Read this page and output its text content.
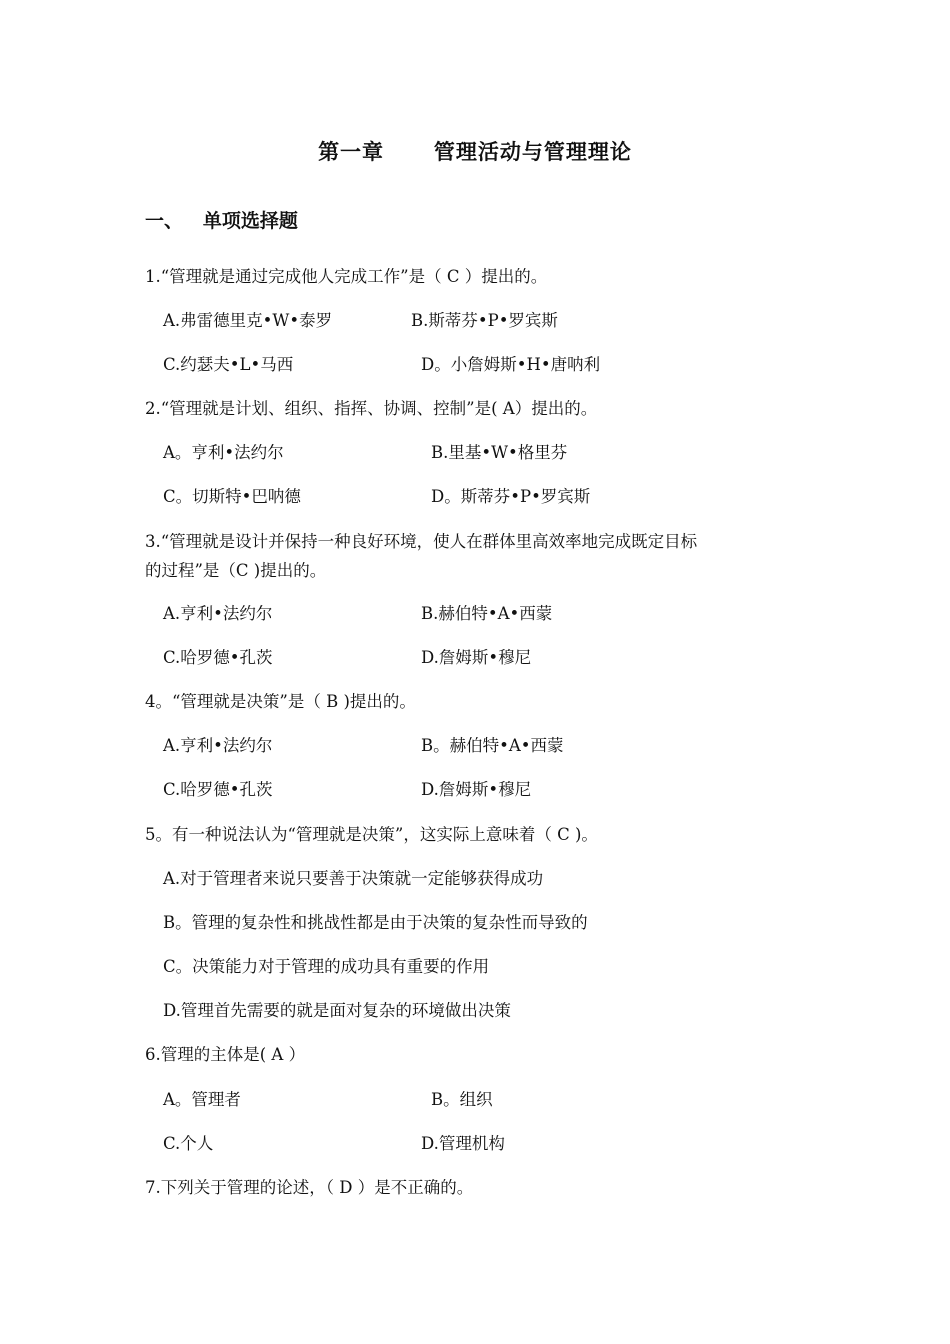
第一章      管理活动与管理理论
一、   单项选择题
1.“管理就是通过完成他人完成工作”是（ C ）提出的。
A.弗雷德里克•W•泰罗	B.斯蒂芬•P•罗宾斯
C.约瑟夫•L•马西	D。小詹姆斯•H•唐呐利
2.“管理就是计划、组织、指挥、协调、控制”是( A）提出的。
A。亨利•法约尔	B.里基•W•格里芬
C。切斯特•巴呐德	D。斯蒂芬•P•罗宾斯
3.“管理就是设计并保持一种良好环境，使人在群体里高效率地完成既定目标
的过程”是（C )提出的。
A.亨利•法约尔	B.赫伯特•A•西蒙
C.哈罗德•孔茨	D.詹姆斯•穆尼
4。“管理就是决策”是（ B )提出的。
A.亨利•法约尔	B。赫伯特•A•西蒙
C.哈罗德•孔茨	D.詹姆斯•穆尼
5。有一种说法认为“管理就是决策”，这实际上意味着（ C )。
A.对于管理者来说只要善于决策就一定能够获得成功
B。管理的复杂性和挑战性都是由于决策的复杂性而导致的
C。决策能力对于管理的成功具有重要的作用
D.管理首先需要的就是面对复杂的环境做出决策
6.管理的主体是( A ）
A。管理者	B。组织
C.个人	D.管理机构
7.下列关于管理的论述，（ D ）是不正确的。
